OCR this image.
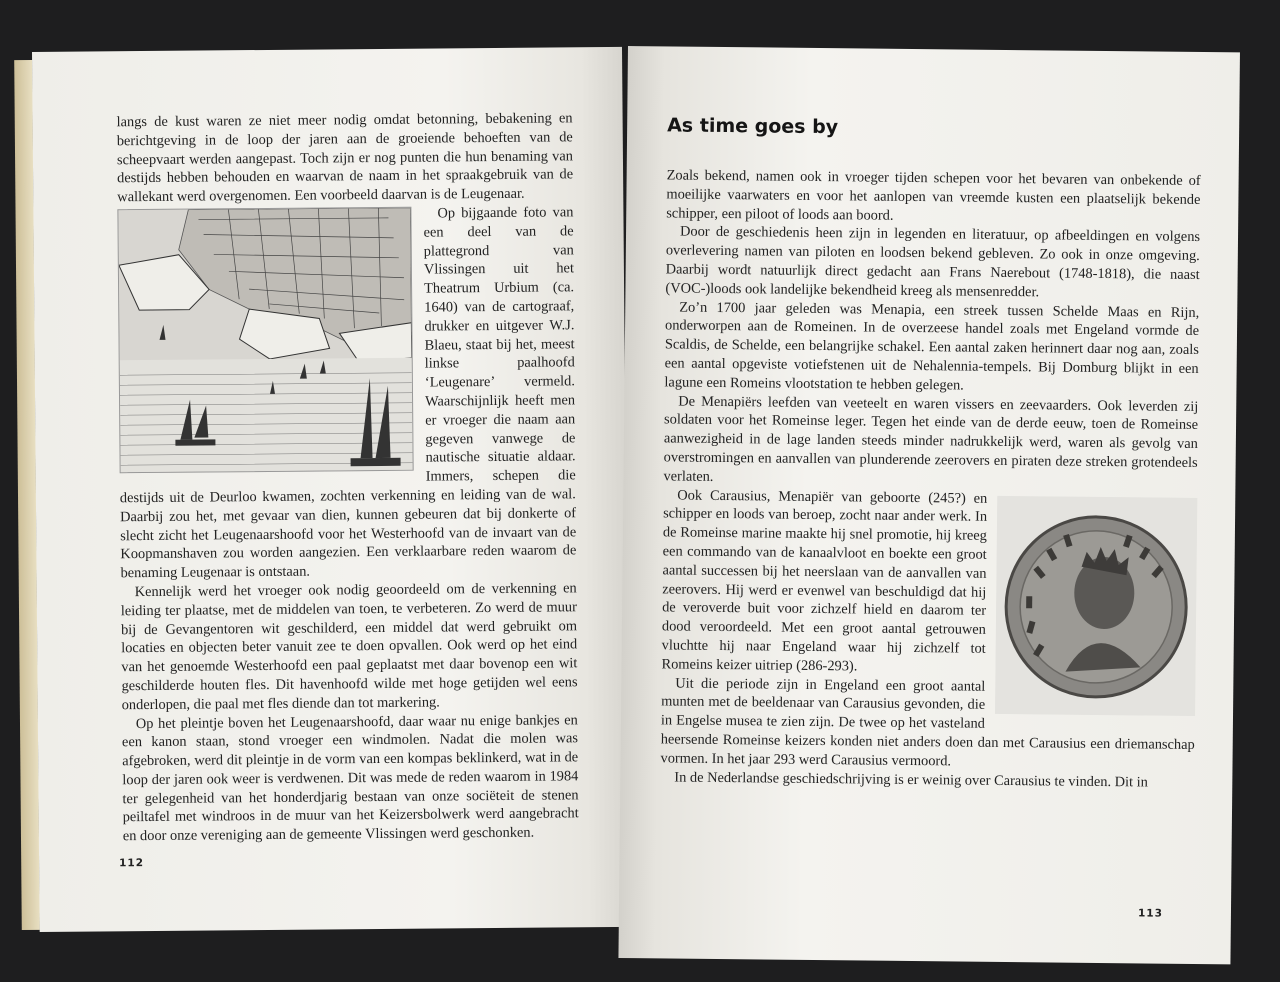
langs de kust waren ze niet meer nodig omdat betonning, bebakening en berichtgeving in de loop der jaren aan de groeiende behoeften van de scheepvaart werden aangepast. Toch zijn er nog punten die hun benaming van destijds hebben behouden en waarvan de naam in het spraakgebruik van de wallekant werd overgenomen. Een voorbeeld daarvan is de Leugenaar.

Op bijgaande foto van een deel van de plattegrond van Vlissingen uit het Theatrum Urbium (ca. 1640) van de cartograaf, drukker en uitgever W.J. Blaeu, staat bij het, meest linkse paalhoofd ‘Leugenare’ vermeld. Waarschijnlijk heeft men er vroeger die naam aan gegeven vanwege de nautische situatie aldaar. Immers, schepen die destijds uit de Deurloo kwamen, zochten verkenning en leiding van de wal. Daarbij zou het, met gevaar van dien, kunnen gebeuren dat bij donkerte of slecht zicht het Leugenaarshoofd voor het Westerhoofd van de invaart van de Koopmanshaven zou worden aangezien. Een verklaarbare reden waarom de benaming Leugenaar is ontstaan.

Kennelijk werd het vroeger ook nodig geoordeeld om de verkenning en leiding ter plaatse, met de middelen van toen, te verbeteren. Zo werd de muur bij de Gevangentoren wit geschilderd, een middel dat werd gebruikt om locaties en objecten beter vanuit zee te doen opvallen. Ook werd op het eind van het genoemde Westerhoofd een paal geplaatst met daar bovenop een wit geschilderde houten fles. Dit havenhoofd wilde met hoge getijden wel eens onderlopen, die paal met fles diende dan tot markering.

Op het pleintje boven het Leugenaarshoofd, daar waar nu enige bankjes en een kanon staan, stond vroeger een windmolen. Nadat die molen was afgebroken, werd dit pleintje in de vorm van een kompas beklinkerd, wat in de loop der jaren ook weer is verdwenen. Dit was mede de reden waarom in 1984 ter gelegenheid van het honderdjarig bestaan van onze sociëteit de stenen peiltafel met windroos in de muur van het Keizersbolwerk werd aangebracht en door onze vereniging aan de gemeente Vlissingen werd geschonken.

112
As time goes by

Zoals bekend, namen ook in vroeger tijden schepen voor het bevaren van onbekende of moeilijke vaarwaters en voor het aanlopen van vreemde kusten een plaatselijk bekende schipper, een piloot of loods aan boord.

Door de geschiedenis heen zijn in legenden en literatuur, op afbeeldingen en volgens overlevering namen van piloten en loodsen bekend gebleven. Zo ook in onze omgeving. Daarbij wordt natuurlijk direct gedacht aan Frans Naerebout (1748-1818), die naast (VOC-)loods ook landelijke bekendheid kreeg als mensenredder.

Zo’n 1700 jaar geleden was Menapia, een streek tussen Schelde Maas en Rijn, onderworpen aan de Romeinen. In de overzeese handel zoals met Engeland vormde de Scaldis, de Schelde, een belangrijke schakel. Een aantal zaken herinnert daar nog aan, zoals een aantal opgeviste votiefstenen uit de Nehalennia-tempels. Bij Domburg blijkt in een lagune een Romeins vlootstation te hebben gelegen.

De Menapiërs leefden van veeteelt en waren vissers en zeevaarders. Ook leverden zij soldaten voor het Romeinse leger. Tegen het einde van de derde eeuw, toen de Romeinse aanwezigheid in de lage landen steeds minder nadrukkelijk werd, waren als gevolg van overstromingen en aanvallen van plunderende zeerovers en piraten deze streken grotendeels verlaten.

Ook Carausius, Menapiër van geboorte (245?) en schipper en loods van beroep, zocht naar ander werk. In de Romeinse marine maakte hij snel promotie, hij kreeg een commando van de kanaalvloot en boekte een groot aantal successen bij het neerslaan van de aanvallen van zeerovers. Hij werd er evenwel van beschuldigd dat hij de veroverde buit voor zichzelf hield en daarom ter dood veroordeeld. Met een groot aantal getrouwen vluchtte hij naar Engeland waar hij zichzelf tot Romeins keizer uitriep (286-293).

Uit die periode zijn in Engeland een groot aantal munten met de beeldenaar van Carausius gevonden, die in Engelse musea te zien zijn. De twee op het vasteland heersende Romeinse keizers konden niet anders doen dan met Carausius een driemanschap vormen. In het jaar 293 werd Carausius vermoord.

In de Nederlandse geschiedschrijving is er weinig over Carausius te vinden. Dit in

113
